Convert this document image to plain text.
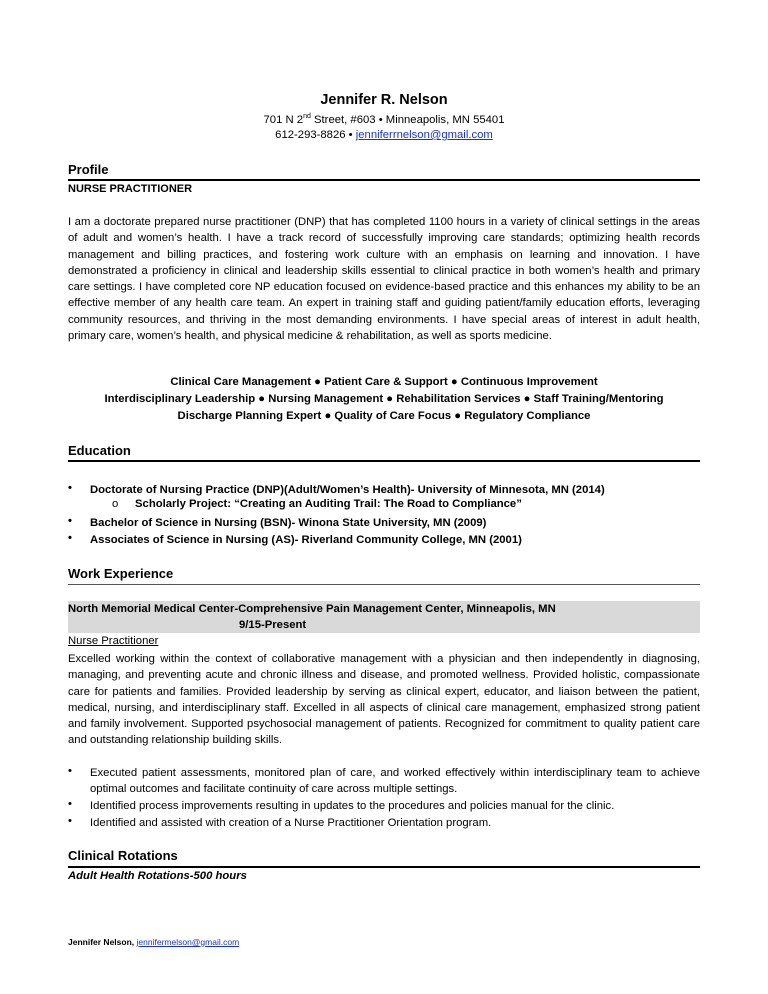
Jennifer R. Nelson
701 N 2nd Street, #603 • Minneapolis, MN 55401
612-293-8826 • jenniferrnelson@gmail.com
Profile
NURSE PRACTITIONER
I am a doctorate prepared nurse practitioner (DNP) that has completed 1100 hours in a variety of clinical settings in the areas of adult and women’s health. I have a track record of successfully improving care standards; optimizing health records management and billing practices, and fostering work culture with an emphasis on learning and innovation. I have demonstrated a proficiency in clinical and leadership skills essential to clinical practice in both women’s health and primary care settings. I have completed core NP education focused on evidence-based practice and this enhances my ability to be an effective member of any health care team. An expert in training staff and guiding patient/family education efforts, leveraging community resources, and thriving in the most demanding environments. I have special areas of interest in adult health, primary care, women’s health, and physical medicine & rehabilitation, as well as sports medicine.
Clinical Care Management ● Patient Care & Support ● Continuous Improvement
Interdisciplinary Leadership ● Nursing Management ● Rehabilitation Services ● Staff Training/Mentoring
Discharge Planning Expert ● Quality of Care Focus ● Regulatory Compliance
Education
• Doctorate of Nursing Practice (DNP)(Adult/Women’s Health)- University of Minnesota, MN (2014)
o Scholarly Project: “Creating an Auditing Trail: The Road to Compliance”
• Bachelor of Science in Nursing (BSN)- Winona State University, MN (2009)
• Associates of Science in Nursing (AS)- Riverland Community College, MN (2001)
Work Experience
North Memorial Medical Center-Comprehensive Pain Management Center, Minneapolis, MN
9/15-Present
Nurse Practitioner
Excelled working within the context of collaborative management with a physician and then independently in diagnosing, managing, and preventing acute and chronic illness and disease, and promoted wellness. Provided holistic, compassionate care for patients and families. Provided leadership by serving as clinical expert, educator, and liaison between the patient, medical, nursing, and interdisciplinary staff. Excelled in all aspects of clinical care management, emphasized strong patient and family involvement. Supported psychosocial management of patients. Recognized for commitment to quality patient care and outstanding relationship building skills.
• Executed patient assessments, monitored plan of care, and worked effectively within interdisciplinary team to achieve optimal outcomes and facilitate continuity of care across multiple settings.
• Identified process improvements resulting in updates to the procedures and policies manual for the clinic.
• Identified and assisted with creation of a Nurse Practitioner Orientation program.
Clinical Rotations
Adult Health Rotations-500 hours
Jennifer Nelson, jennifermelson@gmail.com
